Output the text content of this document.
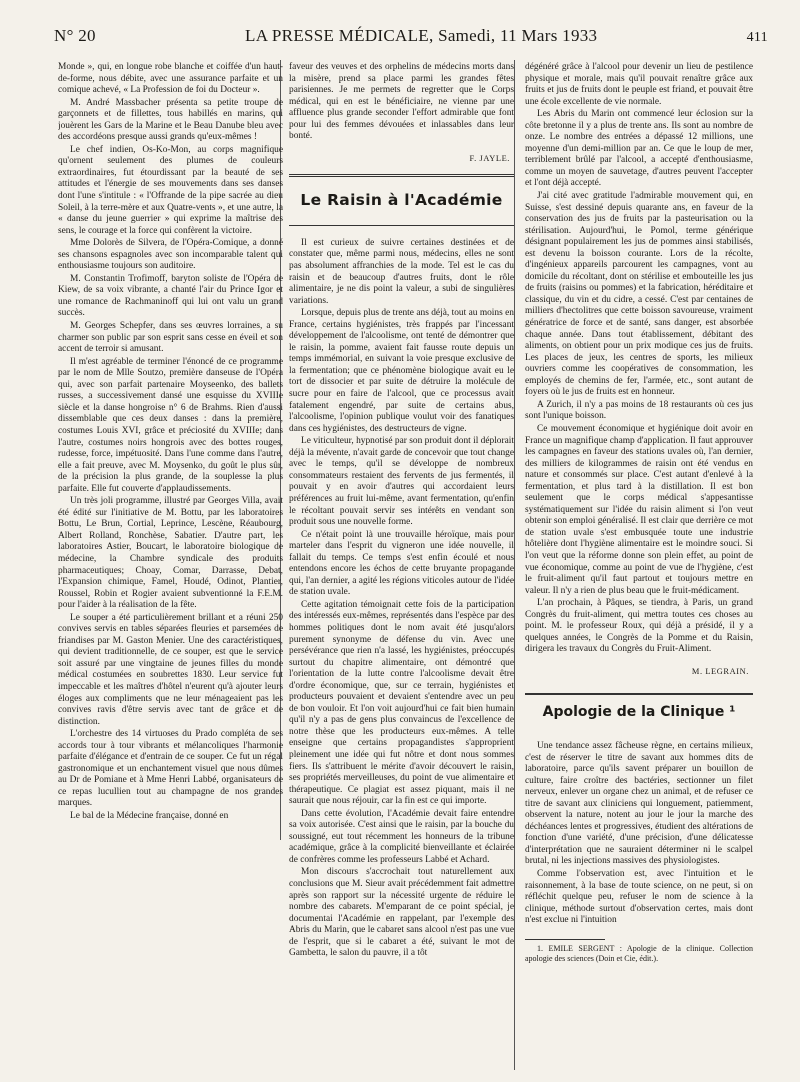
N° 20	LA PRESSE MÉDICALE, Samedi, 11 Mars 1933	411

Monde », qui, en longue robe blanche et coiffée d'un haut-de-forme, nous débite, avec une assurance parfaite et un comique achevé, « La Profession de foi du Docteur ».

M. André Massbacher présenta sa petite troupe de garçonnets et de fillettes, tous habillés en marins, qui jouèrent les Gars de la Marine et le Beau Danube bleu avec des accordéons presque aussi grands qu'eux-mêmes !

Le chef indien, Os-Ko-Mon, au corps magnifique qu'ornent seulement des plumes de couleurs extraordinaires, fut étourdissant par la beauté de ses attitudes et l'énergie de ses mouvements dans ses danses dont l'une s'intitule : « l'Offrande de la pipe sacrée au dieu Soleil, à la terre-mère et aux Quatre-vents », et une autre, la « danse du jeune guerrier » qui exprime la maîtrise des sens, le courage et la force qui confèrent la victoire.

Mme Dolorès de Silvera, de l'Opéra-Comique, a donné ses chansons espagnoles avec son incomparable talent qui enthousiasme toujours son auditoire.

M. Constantin Trofimoff, baryton soliste de l'Opéra de Kiew, de sa voix vibrante, a chanté l'air du Prince Igor et une romance de Rachmaninoff qui lui ont valu un grand succès.

M. Georges Schepfer, dans ses œuvres lorraines, a su charmer son public par son esprit sans cesse en éveil et son accent de terroir si amusant.

Il m'est agréable de terminer l'énoncé de ce programme par le nom de Mlle Soutzo, première danseuse de l'Opéra qui, avec son parfait partenaire Moyseenko, des ballets russes, a successivement dansé une esquisse du XVIIIe siècle et la danse hongroise n° 6 de Brahms. Rien d'aussi dissemblable que ces deux danses : dans la première, costumes Louis XVI, grâce et préciosité du XVIIIe; dans l'autre, costumes noirs hongrois avec des bottes rouges, rudesse, force, impétuosité. Dans l'une comme dans l'autre, elle a fait preuve, avec M. Moysenko, du goût le plus sûr, de la précision la plus grande, de la souplesse la plus parfaite. Elle fut couverte d'applaudissements.

Un très joli programme, illustré par Georges Villa, avait été édité sur l'initiative de M. Bottu, par les laboratoires Bottu, Le Brun, Cortial, Leprince, Lescène, Réaubourg, Albert Rolland, Ronchèse, Sabatier. D'autre part, les laboratoires Astier, Boucart, le laboratoire biologique de médecine, la Chambre syndicale des produits pharmaceutiques; Choay, Comar, Darrasse, Debat, l'Expansion chimique, Famel, Houdé, Odinot, Plantier, Roussel, Robin et Rogier avaient subventionné la F.E.M. pour l'aider à la réalisation de la fête.

Le souper a été particulièrement brillant et a réuni 250 convives servis en tables séparées fleuries et parsemées de friandises par M. Gaston Menier. Une des caractéristiques, qui devient traditionnelle, de ce souper, est que le service soit assuré par une vingtaine de jeunes filles du monde médical costumées en soubrettes 1830. Leur service fut impeccable et les maîtres d'hôtel n'eurent qu'à ajouter leurs éloges aux compliments que ne leur ménageaient pas les convives ravis d'être servis avec tant de grâce et de distinction.

L'orchestre des 14 virtuoses du Prado compléta de ses accords tour à tour vibrants et mélancoliques l'harmonie parfaite d'élégance et d'entrain de ce souper. Ce fut un régal gastronomique et un enchantement visuel que nous dûmes au Dr de Pomiane et à Mme Henri Labbé, organisateurs de ce repas lucullien tout au champagne de nos grandes marques.

Le bal de la Médecine française, donné en

faveur des veuves et des orphelins de médecins morts dans la misère, prend sa place parmi les grandes fêtes parisiennes. Je me permets de regretter que le Corps médical, qui en est le bénéficiaire, ne vienne par une affluence plus grande seconder l'effort admirable que font pour lui des femmes dévouées et inlassables dans leur bonté.

F. JAYLE.
Le Raisin à l'Académie

Il est curieux de suivre certaines destinées et de constater que, même parmi nous, médecins, elles ne sont pas absolument affranchies de la mode. Tel est le cas du raisin et de beaucoup d'autres fruits, dont le rôle alimentaire, je ne dis point la valeur, a subi de singulières variations.

Lorsque, depuis plus de trente ans déjà, tout au moins en France, certains hygiénistes, très frappés par l'incessant développement de l'alcoolisme, ont tenté de démontrer que le raisin, la pomme, avaient fait fausse route depuis un temps immémorial, en suivant la voie presque exclusive de la fermentation; que ce phénomène biologique avait eu le tort de dissocier et par suite de détruire la molécule de sucre pour en faire de l'alcool, que ce processus avait fatalement engendré, par suite de certains abus, l'alcoolisme, l'opinion publique voulut voir des fanatiques dans ces hygiénistes, des destructeurs de vigne.

Le viticulteur, hypnotisé par son produit dont il déplorait déjà la mévente, n'avait garde de concevoir que tout change avec le temps, qu'il se développe de nombreux consommateurs restaient des fervents de jus fermentés, il pouvait y en avoir d'autres qui accordaient leurs préférences au fruit lui-même, avant fermentation, qu'enfin le récoltant pouvait servir ses intérêts en vendant son produit sous une nouvelle forme.

Ce n'était point là une trouvaille héroïque, mais pour marteler dans l'esprit du vigneron une idée nouvelle, il fallait du temps. Ce temps s'est enfin écoulé et nous entendons encore les échos de cette bruyante propagande qui, l'an dernier, a agité les régions viticoles autour de l'idée de station uvale.

Cette agitation témoignait cette fois de la participation des intéressés eux-mêmes, représentés dans l'espèce par des hommes politiques dont le nom avait été jusqu'alors purement synonyme de défense du vin. Avec une persévérance que rien n'a lassé, les hygiénistes, préoccupés surtout du chapitre alimentaire, ont démontré que l'orientation de la lutte contre l'alcoolisme devait être d'ordre économique, que, sur ce terrain, hygiénistes et producteurs pouvaient et devaient s'entendre avec un peu de bon vouloir. Et l'on voit aujourd'hui ce fait bien humain qu'il n'y a pas de gens plus convaincus de l'excellence de notre thèse que les producteurs eux-mêmes. A telle enseigne que certains propagandistes s'approprient pleinement une idée qui fut nôtre et dont nous sommes fiers. Ils s'attribuent le mérite d'avoir découvert le raisin, ses propriétés merveilleuses, du point de vue alimentaire et thérapeutique. Ce plagiat est assez piquant, mais il ne saurait que nous réjouir, car la fin est ce qui importe.

Dans cette évolution, l'Académie devait faire entendre sa voix autorisée. C'est ainsi que le raisin, par la bouche du soussigné, eut tout récemment les honneurs de la tribune académique, grâce à la complicité bienveillante et éclairée de confrères comme les professeurs Labbé et Achard.

Mon discours s'accrochait tout naturellement aux conclusions que M. Sieur avait précédemment fait admettre après son rapport sur la nécessité urgente de réduire le nombre des cabarets. M'emparant de ce point spécial, je documentai l'Académie en rappelant, par l'exemple des Abris du Marin, que le cabaret sans alcool n'est pas une vue de l'esprit, que si le cabaret a été, suivant le mot de Gambetta, le salon du pauvre, il a tôt

dégénéré grâce à l'alcool pour devenir un lieu de pestilence physique et morale, mais qu'il pouvait renaître grâce aux fruits et jus de fruits dont le peuple est friand, et pouvait être une école excellente de vie normale.

Les Abris du Marin ont commencé leur éclosion sur la côte bretonne il y a plus de trente ans. Ils sont au nombre de onze. Le nombre des entrées a dépassé 12 millions, une moyenne d'un demi-million par an. Ce que le loup de mer, terriblement brûlé par l'alcool, a accepté d'enthousiasme, comme un moyen de sauvetage, d'autres peuvent l'accepter et l'ont déjà accepté.

J'ai cité avec gratitude l'admirable mouvement qui, en Suisse, s'est dessiné depuis quarante ans, en faveur de la conservation des jus de fruits par la pasteurisation ou la stérilisation. Aujourd'hui, le Pomol, terme générique désignant populairement les jus de pommes ainsi stabilisés, est devenu la boisson courante. Lors de la récolte, d'ingénieux appareils parcourent les campagnes, vont au domicile du récoltant, dont on stérilise et embouteille les jus de fruits (raisins ou pommes) et la fabrication, héréditaire et classique, du vin et du cidre, a cessé. C'est par centaines de milliers d'hectolitres que cette boisson savoureuse, vraiment génératrice de force et de santé, sans danger, est absorbée chaque année. Dans tout établissement, débitant des aliments, on obtient pour un prix modique ces jus de fruits. Les places de jeux, les centres de sports, les milieux ouvriers comme les coopératives de consommation, les employés de chemins de fer, l'armée, etc., sont autant de foyers où le jus de fruits est en honneur.

A Zurich, il n'y a pas moins de 18 restaurants où ces jus sont l'unique boisson.

Ce mouvement économique et hygiénique doit avoir en France un magnifique champ d'application. Il faut approuver les campagnes en faveur des stations uvales où, l'an dernier, des milliers de kilogrammes de raisin ont été vendus en nature et consommés sur place. C'est autant d'enlevé à la fermentation, et plus tard à la distillation. Il est bon seulement que le corps médical s'appesantisse systématiquement sur l'idée du raisin aliment si l'on veut obtenir son emploi généralisé. Il est clair que derrière ce mot de station uvale s'est embusquée toute une industrie hôtelière dont l'hygiène alimentaire est le moindre souci. Si l'on veut que la réforme donne son plein effet, au point de vue économique, comme au point de vue de l'hygiène, c'est le fruit-aliment qu'il faut partout et toujours mettre en valeur. Il n'y a rien de plus beau que le fruit-médicament.

L'an prochain, à Pâques, se tiendra, à Paris, un grand Congrès du fruit-aliment, qui mettra toutes ces choses au point. M. le professeur Roux, qui déjà a présidé, il y a quelques années, le Congrès de la Pomme et du Raisin, dirigera les travaux du Congrès du Fruit-Aliment.

M. LEGRAIN.
Apologie de la Clinique ¹

Une tendance assez fâcheuse règne, en certains milieux, c'est de réserver le titre de savant aux hommes dits de laboratoire, parce qu'ils savent préparer un bouillon de culture, faire croître des bactéries, sectionner un filet nerveux, enlever un organe chez un animal, et de refuser ce titre de savant aux cliniciens qui longuement, patiemment, observent la nature, notent au jour le jour la marche des déchéances lentes et progressives, étudient des altérations de fonction d'une variété, d'une précision, d'une délicatesse d'interprétation que ne sauraient déterminer ni le scalpel brutal, ni les injections massives des physiologistes.

Comme l'observation est, avec l'intuition et le raisonnement, à la base de toute science, on ne peut, si on réfléchit quelque peu, refuser le nom de science à la clinique, méthode surtout d'observation certes, mais dont n'est exclue ni l'intuition

1. EMILE SERGENT : Apologie de la clinique. Collection apologie des sciences (Doin et Cie, édit.).
